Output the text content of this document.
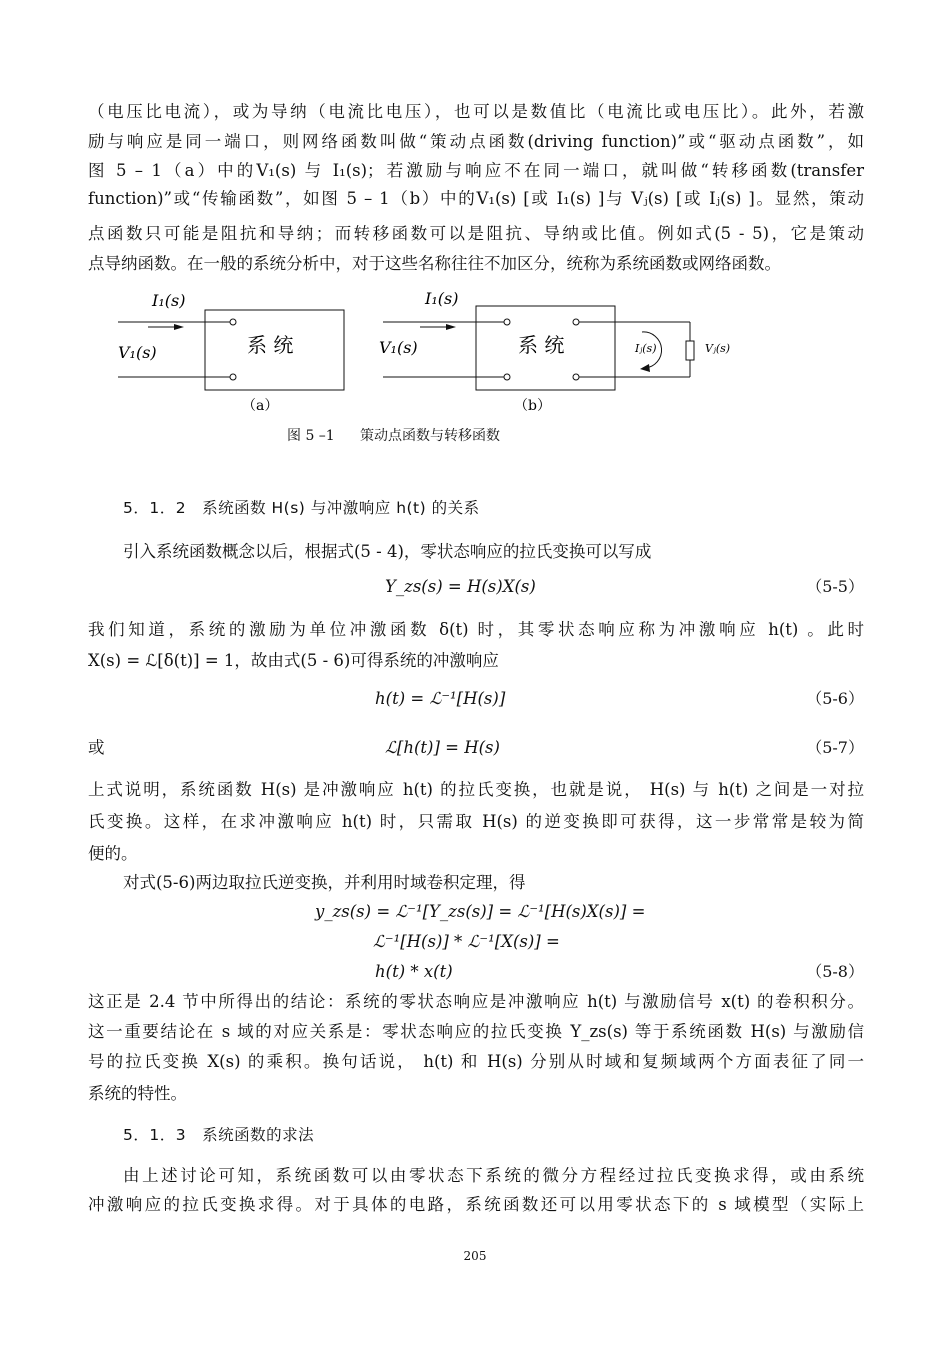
（电压比电流），或为导纳（电流比电压），也可以是数值比（电流比或电压比）。此外，若激
励与响应是同一端口，则网络函数叫做“策动点函数(driving function)”或“驱动点函数”，如
图 5 – 1（a）中的V₁(s) 与 I₁(s)；若激励与响应不在同一端口，就叫做“转移函数(transfer
function)”或“传输函数”，如图 5 – 1（b）中的V₁(s) [或 I₁(s) ]与 Vⱼ(s) [或 Iⱼ(s) ]。显然，策动
点函数只可能是阻抗和导纳；而转移函数可以是阻抗、导纳或比值。例如式(5 - 5)，它是策动
点导纳函数。在一般的系统分析中，对于这些名称往往不加区分，统称为系统函数或网络函数。
I₁(s)
V₁(s)	系 统
（a）
I₁(s)
V₁(s)	系 统	Iⱼ(s)	Vⱼ(s)
（b）
图 5 –1 策动点函数与转移函数
5．1．2　系统函数 H(s) 与冲激响应 h(t) 的关系
引入系统函数概念以后，根据式(5 - 4)，零状态响应的拉氏变换可以写成
Y_zs(s) = H(s)X(s)	（5-5）
我们知道，系统的激励为单位冲激函数 δ(t) 时，其零状态响应称为冲激响应 h(t) 。此时
X(s) = ℒ[δ(t)] = 1，故由式(5 - 6)可得系统的冲激响应
h(t) = ℒ⁻¹[H(s)]	（5-6）
或	ℒ[h(t)] = H(s)	（5-7）
上式说明，系统函数 H(s) 是冲激响应 h(t) 的拉氏变换，也就是说， H(s) 与 h(t) 之间是一对拉
氏变换。这样，在求冲激响应 h(t) 时，只需取 H(s) 的逆变换即可获得，这一步常常是较为简
便的。
对式(5-6)两边取拉氏逆变换，并利用时域卷积定理，得
y_zs(s) = ℒ⁻¹[Y_zs(s)] = ℒ⁻¹[H(s)X(s)] =
ℒ⁻¹[H(s)] * ℒ⁻¹[X(s)] =
h(t) * x(t)	（5-8）
这正是 2.4 节中所得出的结论：系统的零状态响应是冲激响应 h(t) 与激励信号 x(t) 的卷积积分。
这一重要结论在 s 域的对应关系是：零状态响应的拉氏变换 Y_zs(s) 等于系统函数 H(s) 与激励信
号的拉氏变换 X(s) 的乘积。换句话说， h(t) 和 H(s) 分别从时域和复频域两个方面表征了同一
系统的特性。
5．1．3　系统函数的求法
由上述讨论可知，系统函数可以由零状态下系统的微分方程经过拉氏变换求得，或由系统
冲激响应的拉氏变换求得。对于具体的电路，系统函数还可以用零状态下的 s 域模型（实际上
205
